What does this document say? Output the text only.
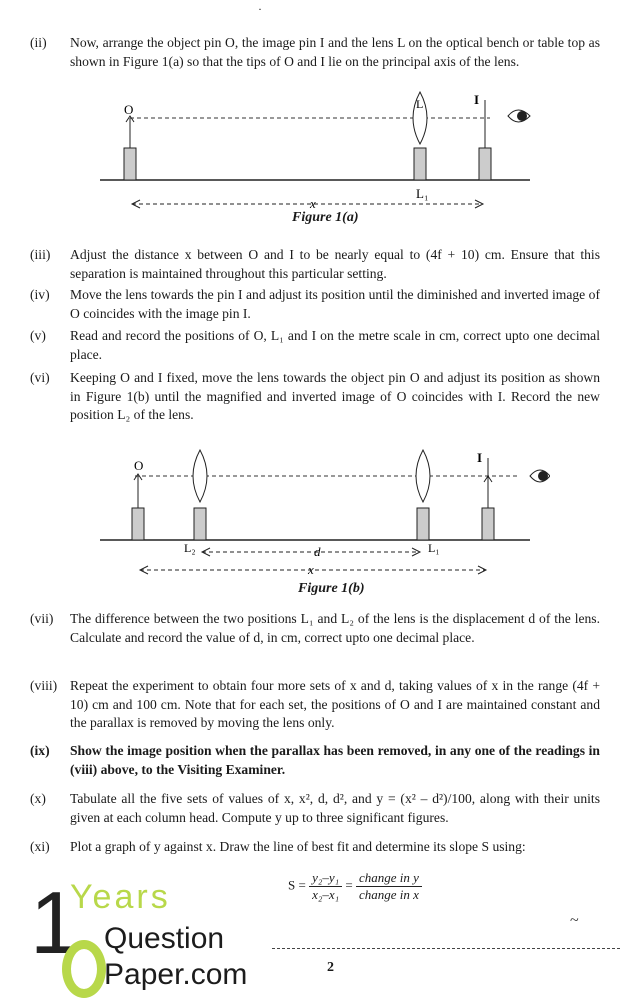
·
(ii)	Now, arrange the object pin O, the image pin I and the lens L on the optical bench or table top as shown in Figure 1(a) so that the tips of O and I lie on the principal axis of the lens.
O	L	I
x
L₁
Figure 1(a)
(iii)	Adjust the distance x between O and I to be nearly equal to (4f + 10) cm. Ensure that this separation is maintained throughout this particular setting.
(iv)	Move the lens towards the pin I and adjust its position until the diminished and inverted image of O coincides with the image pin I.
(v)	Read and record the positions of O, L₁ and I on the metre scale in cm, correct upto one decimal place.
(vi)	Keeping O and I fixed, move the lens towards the object pin O and adjust its position as shown in Figure 1(b) until the magnified and inverted image of O coincides with I. Record the new position L₂ of the lens.
O
I
L₂	L₁
d
x
Figure 1(b)
(vii)	The difference between the two positions L₁ and L₂ of the lens is the displacement d of the lens. Calculate and record the value of d, in cm, correct upto one decimal place.
(viii) Repeat the experiment to obtain four more sets of x and d, taking values of x in the range (4f + 10) cm and 100 cm. Note that for each set, the positions of O and I are maintained constant and the parallax is removed by moving the lens only.
(ix)	Show the image position when the parallax has been removed, in any one of the readings in (viii) above, to the Visiting Examiner.
(x)	Tabulate all the five sets of values of x, x², d, d², and y = (x² – d²)/100, along with their units given at each column head. Compute y up to three significant figures.
(xi)	Plot a graph of y against x. Draw the line of best fit and determine its slope S using:
$S = \frac{\text{y₂–y₁}}{\text{x₂–x₁}} = \frac{\text{change in y}}{\text{change in x}}$
~
2
1
Years
Question
Paper.com
